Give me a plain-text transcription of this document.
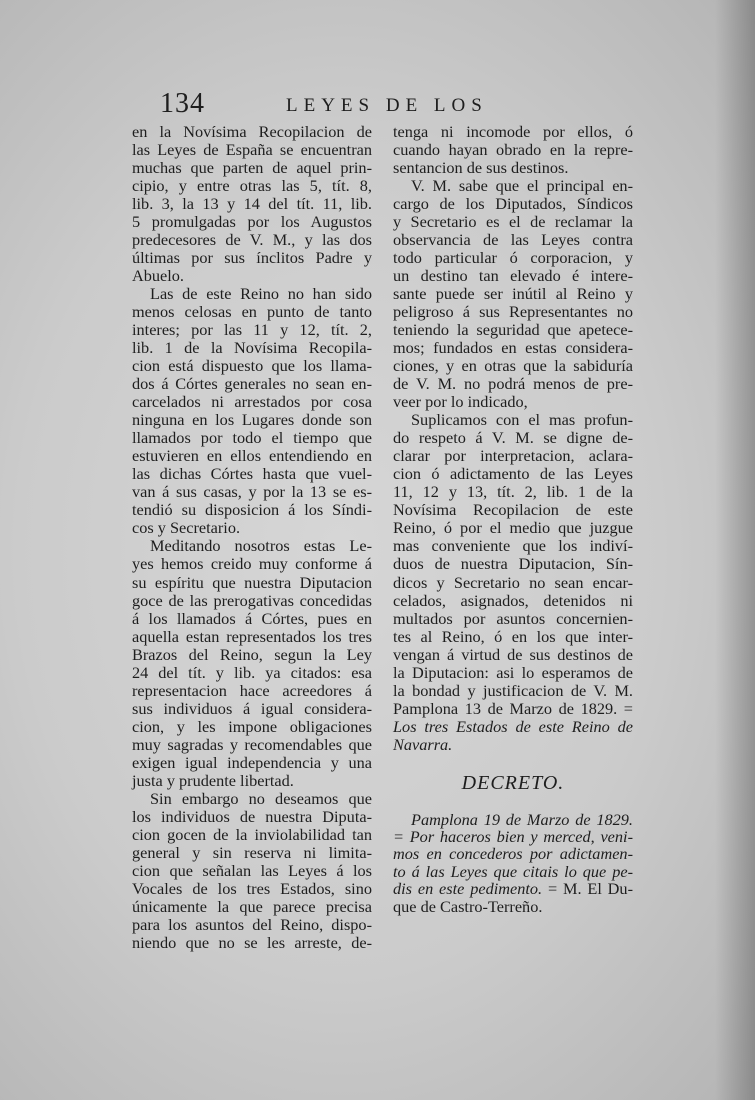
134	LEYES DE LOS
en la Novísima Recopilacion de
las Leyes de España se encuentran
muchas que parten de aquel prin-
cipio, y entre otras las 5, tít. 8,
lib. 3, la 13 y 14 del tít. 11, lib.
5 promulgadas por los Augustos
predecesores de V. M., y las dos
últimas por sus ínclitos Padre y
Abuelo.
Las de este Reino no han sido
menos celosas en punto de tanto
interes; por las 11 y 12, tít. 2,
lib. 1 de la Novísima Recopila-
cion está dispuesto que los llama-
dos á Córtes generales no sean en-
carcelados ni arrestados por cosa
ninguna en los Lugares donde son
llamados por todo el tiempo que
estuvieren en ellos entendiendo en
las dichas Córtes hasta que vuel-
van á sus casas, y por la 13 se es-
tendió su disposicion á los Síndi-
cos y Secretario.
Meditando nosotros estas Le-
yes hemos creido muy conforme á
su espíritu que nuestra Diputacion
goce de las prerogativas concedidas
á los llamados á Córtes, pues en
aquella estan representados los tres
Brazos del Reino, segun la Ley
24 del tít. y lib. ya citados: esa
representacion hace acreedores á
sus individuos á igual considera-
cion, y les impone obligaciones
muy sagradas y recomendables que
exigen igual independencia y una
justa y prudente libertad.
Sin embargo no deseamos que
los individuos de nuestra Diputa-
cion gocen de la inviolabilidad tan
general y sin reserva ni limita-
cion que señalan las Leyes á los
Vocales de los tres Estados, sino
únicamente la que parece precisa
para los asuntos del Reino, dispo-
niendo que no se les arreste, de-
tenga ni incomode por ellos, ó
cuando hayan obrado en la repre-
sentancion de sus destinos.
V. M. sabe que el principal en-
cargo de los Diputados, Síndicos
y Secretario es el de reclamar la
observancia de las Leyes contra
todo particular ó corporacion, y
un destino tan elevado é intere-
sante puede ser inútil al Reino y
peligroso á sus Representantes no
teniendo la seguridad que apetece-
mos; fundados en estas considera-
ciones, y en otras que la sabiduría
de V. M. no podrá menos de pre-
veer por lo indicado,
Suplicamos con el mas profun-
do respeto á V. M. se digne de-
clarar por interpretacion, aclara-
cion ó adictamento de las Leyes
11, 12 y 13, tít. 2, lib. 1 de la
Novísima Recopilacion de este
Reino, ó por el medio que juzgue
mas conveniente que los indiví-
duos de nuestra Diputacion, Sín-
dicos y Secretario no sean encar-
celados, asignados, detenidos ni
multados por asuntos concernien-
tes al Reino, ó en los que inter-
vengan á virtud de sus destinos de
la Diputacion: asi lo esperamos de
la bondad y justificacion de V. M.
Pamplona 13 de Marzo de 1829. =
Los tres Estados de este Reino de
Navarra.
DECRETO.
Pamplona 19 de Marzo de 1829.
= Por haceros bien y merced, veni-
mos en concederos por adictamen-
to á las Leyes que citais lo que pe-
dis en este pedimento. = M. El Du-
que de Castro-Terreño.
